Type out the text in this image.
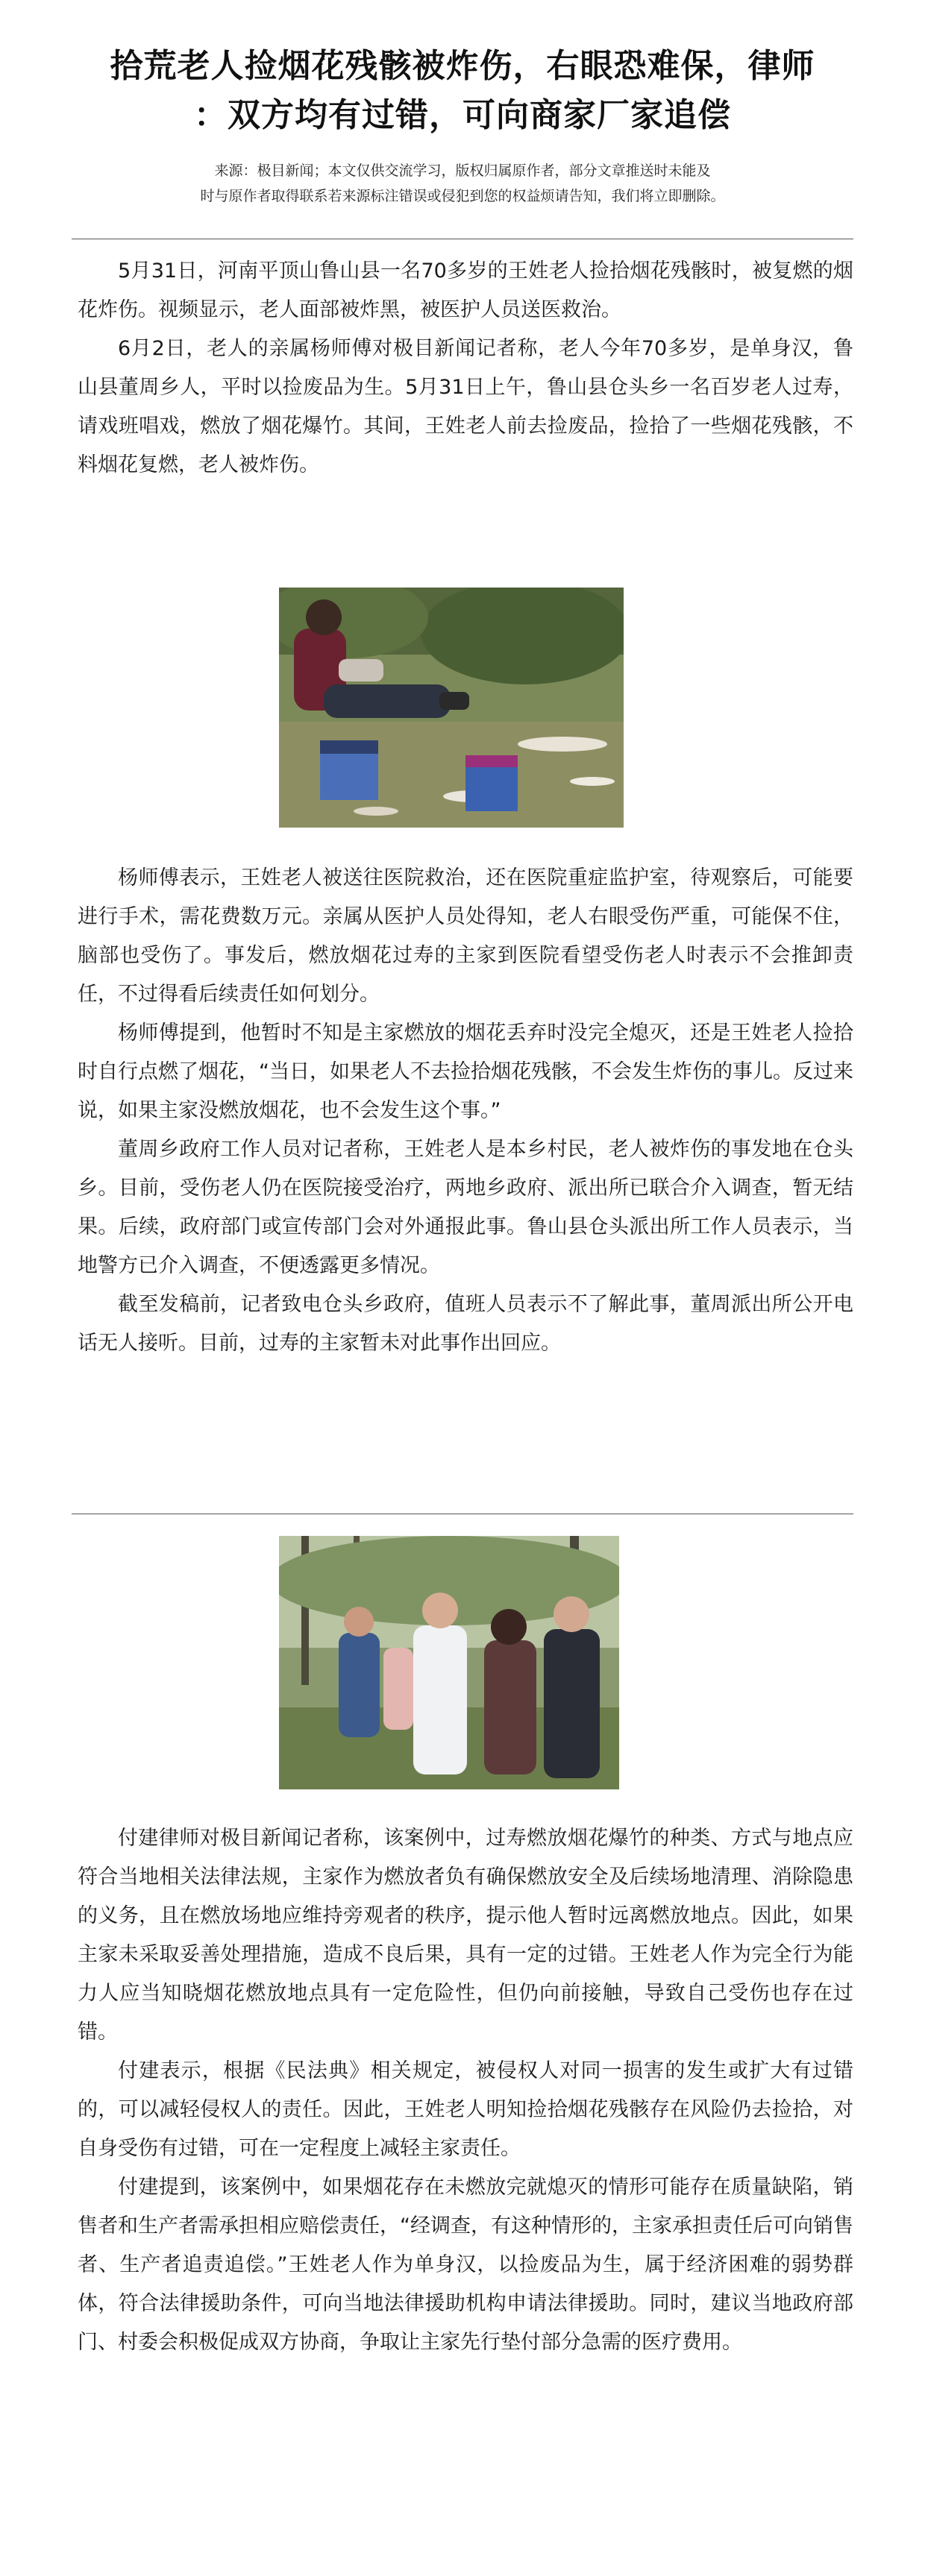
拾荒老人捡烟花残骸被炸伤，右眼恐难保，律师
：双方均有过错，可向商家厂家追偿
来源：极目新闻；本文仅供交流学习，版权归属原作者，部分文章推送时未能及
时与原作者取得联系若来源标注错误或侵犯到您的权益烦请告知，我们将立即删除。

5月31日，河南平顶山鲁山县一名70多岁的王姓老人捡拾烟花残骸时，被复燃的烟花炸伤。视频显示，老人面部被炸黑，被医护人员送医救治。

6月2日，老人的亲属杨师傅对极目新闻记者称，老人今年70多岁，是单身汉，鲁山县董周乡人，平时以捡废品为生。5月31日上午，鲁山县仓头乡一名百岁老人过寿，请戏班唱戏，燃放了烟花爆竹。其间，王姓老人前去捡废品，捡拾了一些烟花残骸，不料烟花复燃，老人被炸伤。

杨师傅表示，王姓老人被送往医院救治，还在医院重症监护室，待观察后，可能要进行手术，需花费数万元。亲属从医护人员处得知，老人右眼受伤严重，可能保不住，脑部也受伤了。事发后，燃放烟花过寿的主家到医院看望受伤老人时表示不会推卸责任，不过得看后续责任如何划分。

杨师傅提到，他暂时不知是主家燃放的烟花丢弃时没完全熄灭，还是王姓老人捡拾时自行点燃了烟花，“当日，如果老人不去捡拾烟花残骸，不会发生炸伤的事儿。反过来说，如果主家没燃放烟花，也不会发生这个事。”

董周乡政府工作人员对记者称，王姓老人是本乡村民，老人被炸伤的事发地在仓头乡。目前，受伤老人仍在医院接受治疗，两地乡政府、派出所已联合介入调查，暂无结果。后续，政府部门或宣传部门会对外通报此事。鲁山县仓头派出所工作人员表示，当地警方已介入调查，不便透露更多情况。

截至发稿前，记者致电仓头乡政府，值班人员表示不了解此事，董周派出所公开电话无人接听。目前，过寿的主家暂未对此事作出回应。

付建律师对极目新闻记者称，该案例中，过寿燃放烟花爆竹的种类、方式与地点应符合当地相关法律法规，主家作为燃放者负有确保燃放安全及后续场地清理、消除隐患的义务，且在燃放场地应维持旁观者的秩序，提示他人暂时远离燃放地点。因此，如果主家未采取妥善处理措施，造成不良后果，具有一定的过错。王姓老人作为完全行为能力人应当知晓烟花燃放地点具有一定危险性，但仍向前接触，导致自己受伤也存在过错。

付建表示，根据《民法典》相关规定，被侵权人对同一损害的发生或扩大有过错的，可以减轻侵权人的责任。因此，王姓老人明知捡拾烟花残骸存在风险仍去捡拾，对自身受伤有过错，可在一定程度上减轻主家责任。

付建提到，该案例中，如果烟花存在未燃放完就熄灭的情形可能存在质量缺陷，销售者和生产者需承担相应赔偿责任，“经调查，有这种情形的，主家承担责任后可向销售者、生产者追责追偿。”王姓老人作为单身汉，以捡废品为生，属于经济困难的弱势群体，符合法律援助条件，可向当地法律援助机构申请法律援助。同时，建议当地政府部门、村委会积极促成双方协商，争取让主家先行垫付部分急需的医疗费用。
